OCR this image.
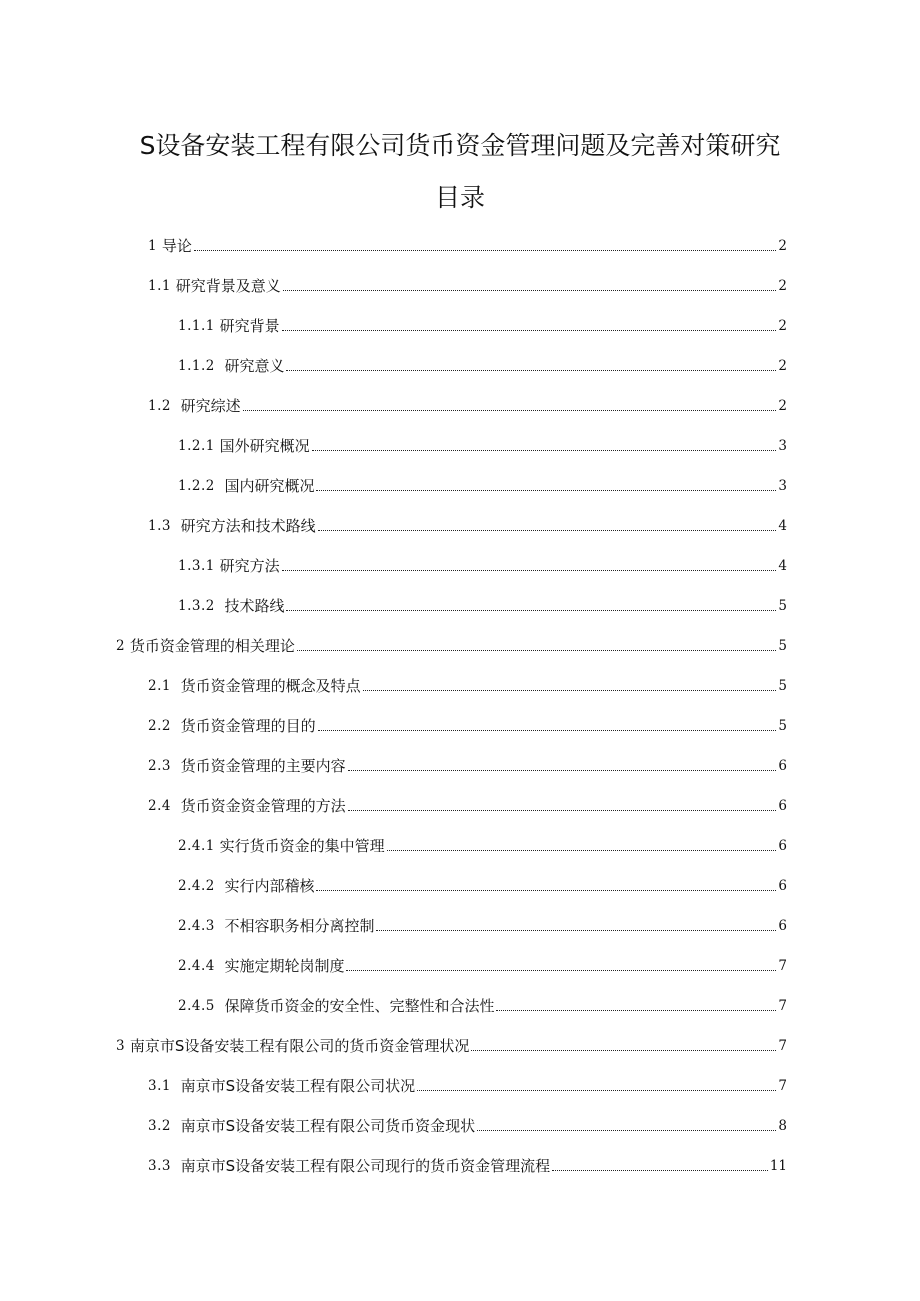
S设备安装工程有限公司货币资金管理问题及完善对策研究
目录
1 导论	2
1.1 研究背景及意义	2
1.1.1 研究背景	2
1.1.2 研究意义	2
1.2 研究综述	2
1.2.1 国外研究概况	3
1.2.2 国内研究概况	3
1.3 研究方法和技术路线	4
1.3.1 研究方法	4
1.3.2 技术路线	5
2 货币资金管理的相关理论	5
2.1 货币资金管理的概念及特点	5
2.2 货币资金管理的目的	5
2.3 货币资金管理的主要内容	6
2.4 货币资金资金管理的方法	6
2.4.1 实行货币资金的集中管理	6
2.4.2 实行内部稽核	6
2.4.3 不相容职务相分离控制	6
2.4.4 实施定期轮岗制度	7
2.4.5 保障货币资金的安全性、完整性和合法性	7
3 南京市S设备安装工程有限公司的货币资金管理状况	7
3.1 南京市S设备安装工程有限公司状况	7
3.2 南京市S设备安装工程有限公司货币资金现状	8
3.3 南京市S设备安装工程有限公司现行的货币资金管理流程	11
